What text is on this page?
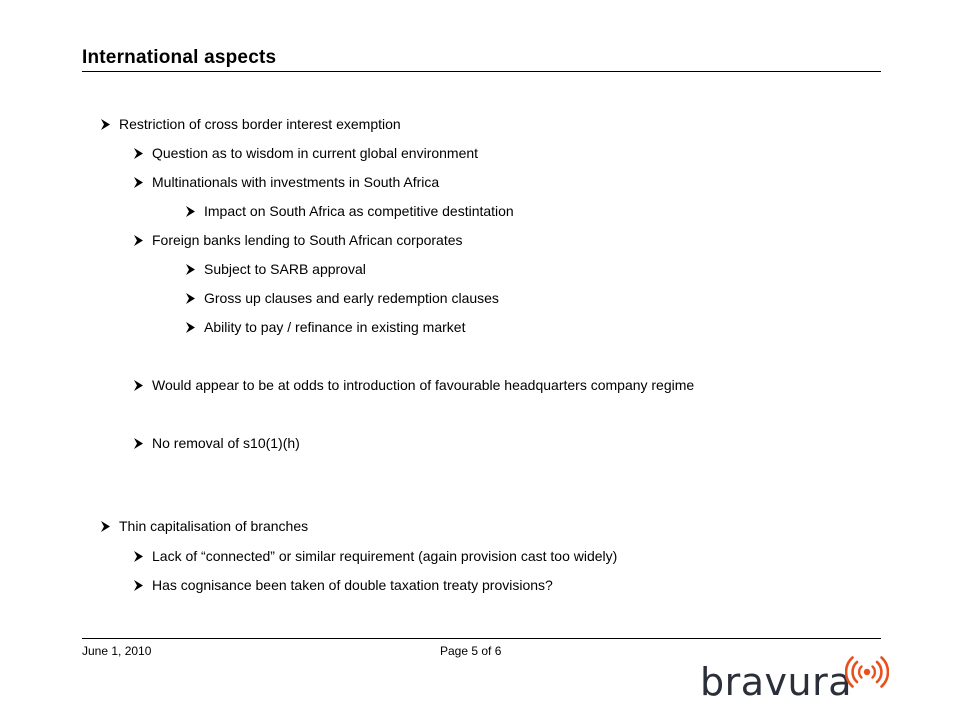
International aspects
Restriction of cross border interest exemption
Question as to wisdom in current global environment
Multinationals with investments in South Africa
Impact on South Africa as competitive destintation
Foreign banks lending to South African corporates
Subject to SARB approval
Gross up clauses and early redemption clauses
Ability to pay / refinance in existing market
Would appear to be at odds to introduction of favourable headquarters company regime
No removal of s10(1)(h)
Thin capitalisation of branches
Lack of “connected” or similar requirement (again provision cast too widely)
Has cognisance been taken of double taxation treaty provisions?
June 1, 2010	Page 5 of 6
bravura
